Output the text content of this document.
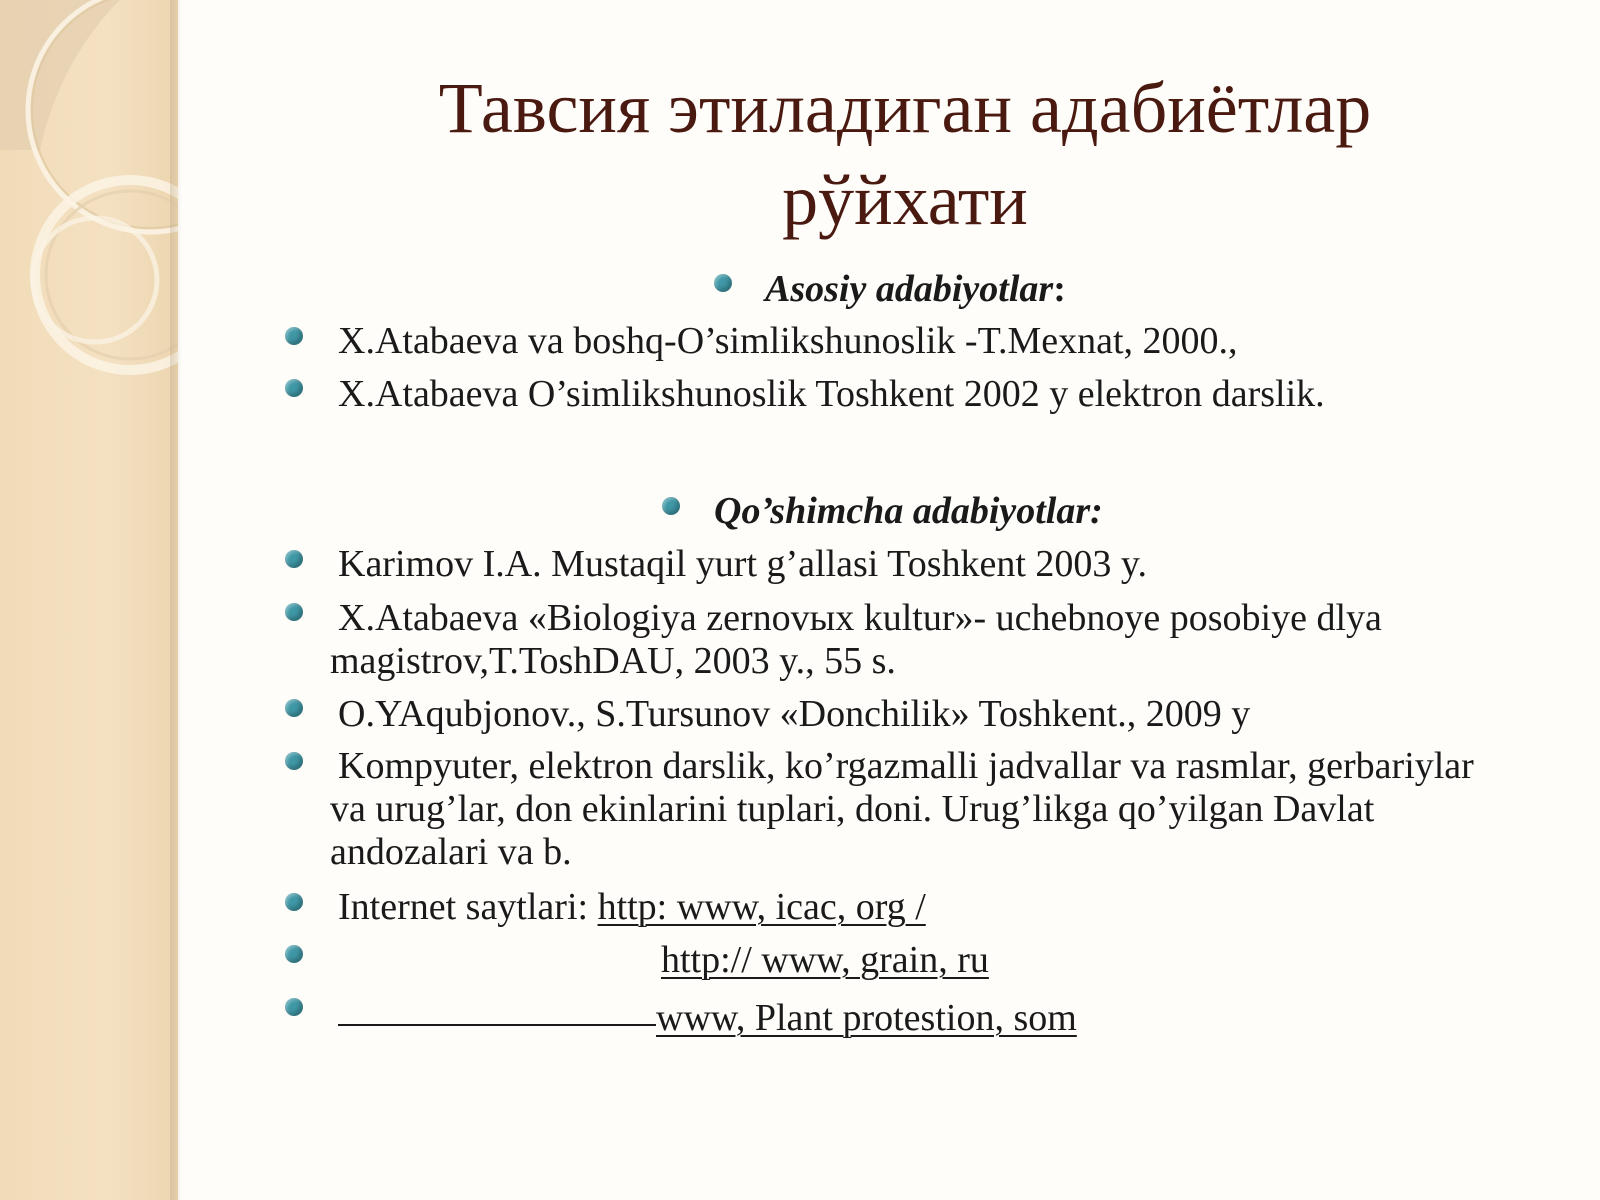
Тавсия этиладиган адабиётлар
рўйхати
Asosiy adabiyotlar:
X.Atabaeva va boshq-O’simlikshunoslik -T.Mexnat, 2000.,
X.Atabaeva O’simlikshunoslik Toshkent 2002 y elektron darslik.
Qo’shimcha adabiyotlar:
Karimov I.A. Mustaqil yurt g’allasi Toshkent 2003 y.
X.Atabaeva «Biologiya zernovыx kultur»- uchebnoye posobiye dlya magistrov,T.ToshDAU, 2003 y., 55 s.
O.YAqubjonov., S.Tursunov «Donchilik» Toshkent., 2009 y
Kompyuter, elektron darslik, ko’rgazmalli jadvallar va rasmlar, gerbariylar va urug’lar, don ekinlarini tuplari, doni. Urug’likga qo’yilgan Davlat andozalari va b.
Internet saytlari: http: www, icac, org /
http:// www, grain, ru
www, Plant protestion, som
